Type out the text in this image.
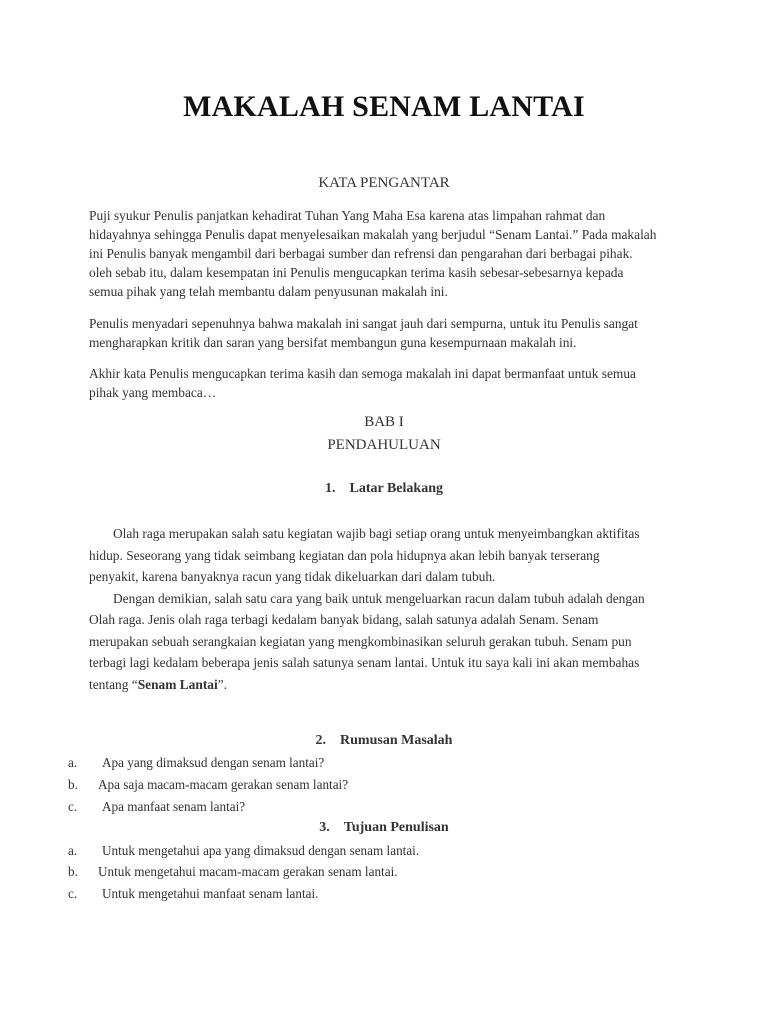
MAKALAH SENAM LANTAI
KATA PENGANTAR
Puji syukur Penulis panjatkan kehadirat Tuhan Yang Maha Esa karena atas limpahan rahmat dan
hidayahnya sehingga Penulis dapat menyelesaikan makalah yang berjudul “Senam Lantai.” Pada makalah
ini Penulis banyak mengambil dari berbagai sumber dan refrensi dan pengarahan dari berbagai pihak.
oleh sebab itu, dalam kesempatan ini Penulis mengucapkan terima kasih sebesar-sebesarnya kepada
semua pihak yang telah membantu dalam penyusunan makalah ini.
Penulis menyadari sepenuhnya bahwa makalah ini sangat jauh dari sempurna, untuk itu Penulis sangat
mengharapkan kritik dan saran yang bersifat membangun guna kesempurnaan makalah ini.
Akhir kata Penulis mengucapkan terima kasih dan semoga makalah ini dapat bermanfaat untuk semua
pihak yang membaca…
BAB I
PENDAHULUAN
1. Latar Belakang
Olah raga merupakan salah satu kegiatan wajib bagi setiap orang untuk menyeimbangkan aktifitas
hidup. Seseorang yang tidak seimbang kegiatan dan pola hidupnya akan lebih banyak terserang
penyakit, karena banyaknya racun yang tidak dikeluarkan dari dalam tubuh.
Dengan demikian, salah satu cara yang baik untuk mengeluarkan racun dalam tubuh adalah dengan
Olah raga. Jenis olah raga terbagi kedalam banyak bidang, salah satunya adalah Senam. Senam
merupakan sebuah serangkaian kegiatan yang mengkombinasikan seluruh gerakan tubuh. Senam pun
terbagi lagi kedalam beberapa jenis salah satunya senam lantai. Untuk itu saya kali ini akan membahas
tentang “Senam Lantai”.
2. Rumusan Masalah
a. Apa yang dimaksud dengan senam lantai?
b. Apa saja macam-macam gerakan senam lantai?
c. Apa manfaat senam lantai?
3. Tujuan Penulisan
a. Untuk mengetahui apa yang dimaksud dengan senam lantai.
b. Untuk mengetahui macam-macam gerakan senam lantai.
c. Untuk mengetahui manfaat senam lantai.
